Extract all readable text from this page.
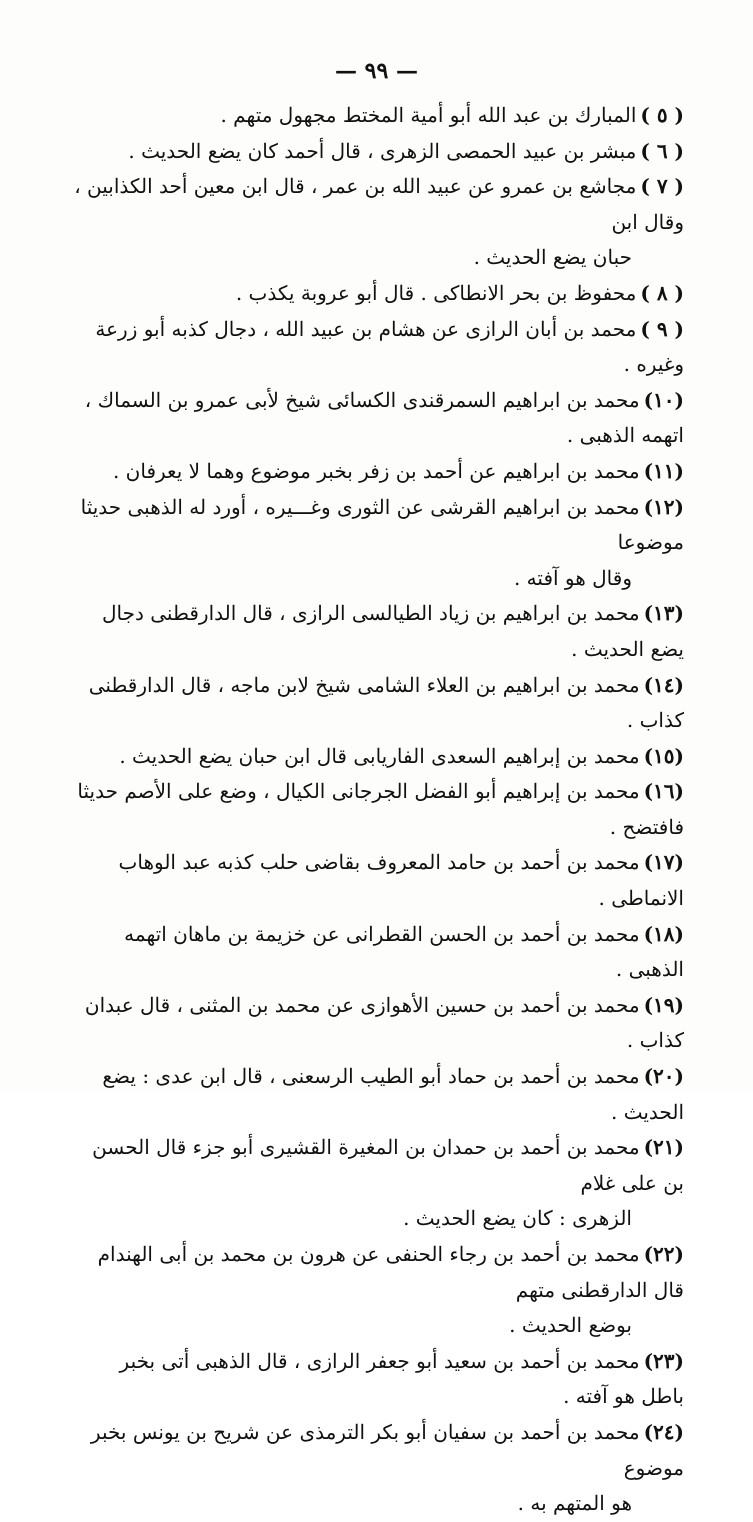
— ٩٩ —
( ٥ )المبارك بن عبد الله أبو أمية المختط مجهول متهم .
( ٦ )مبشر بن عبيد الحمصى الزهرى ، قال أحمد كان يضع الحديث .
( ٧ )مجاشع بن عمرو عن عبيد الله بن عمر ، قال ابن معين أحد الكذابين ، وقال ابن
حبان يضع الحديث .
( ٨ )محفوظ بن بحر الانطاكى . قال أبو عروبة يكذب .
( ٩ )محمد بن أبان الرازى عن هشام بن عبيد الله ، دجال كذبه أبو زرعة وغيره .
(١٠)محمد بن ابراهيم السمرقندى الكسائى شيخ لأبى عمرو بن السماك ، اتهمه الذهبى .
(١١)محمد بن ابراهيم عن أحمد بن زفر بخبر موضوع وهما لا يعرفان .
(١٢)محمد بن ابراهيم القرشى عن الثورى وغـــيره ، أورد له الذهبى حديثا موضوعا
وقال هو آفته .
(١٣)محمد بن ابراهيم بن زياد الطيالسى الرازى ، قال الدارقطنى دجال يضع الحديث .
(١٤)محمد بن ابراهيم بن العلاء الشامى شيخ لابن ماجه ، قال الدارقطنى كذاب .
(١٥)محمد بن إبراهيم السعدى الفاريابى قال ابن حبان يضع الحديث .
(١٦)محمد بن إبراهيم أبو الفضل الجرجانى الكيال ، وضع على الأصم حديثا فافتضح .
(١٧)محمد بن أحمد بن حامد المعروف بقاضى حلب كذبه عبد الوهاب الانماطى .
(١٨)محمد بن أحمد بن الحسن القطرانى عن خزيمة بن ماهان اتهمه الذهبى .
(١٩)محمد بن أحمد بن حسين الأهوازى عن محمد بن المثنى ، قال عبدان كذاب .
(٢٠)محمد بن أحمد بن حماد أبو الطيب الرسعنى ، قال ابن عدى : يضع الحديث .
(٢١)محمد بن أحمد بن حمدان بن المغيرة القشيرى أبو جزء قال الحسن بن على غلام
الزهرى : كان يضع الحديث .
(٢٢)محمد بن أحمد بن رجاء الحنفى عن هرون بن محمد بن أبى الهندام قال الدارقطنى متهم
بوضع الحديث .
(٢٣)محمد بن أحمد بن سعيد أبو جعفر الرازى ، قال الذهبى أتى بخبر باطل هو آفته .
(٢٤)محمد بن أحمد بن سفيان أبو بكر الترمذى عن شريح بن يونس بخبر موضوع
هو المتهم به .
